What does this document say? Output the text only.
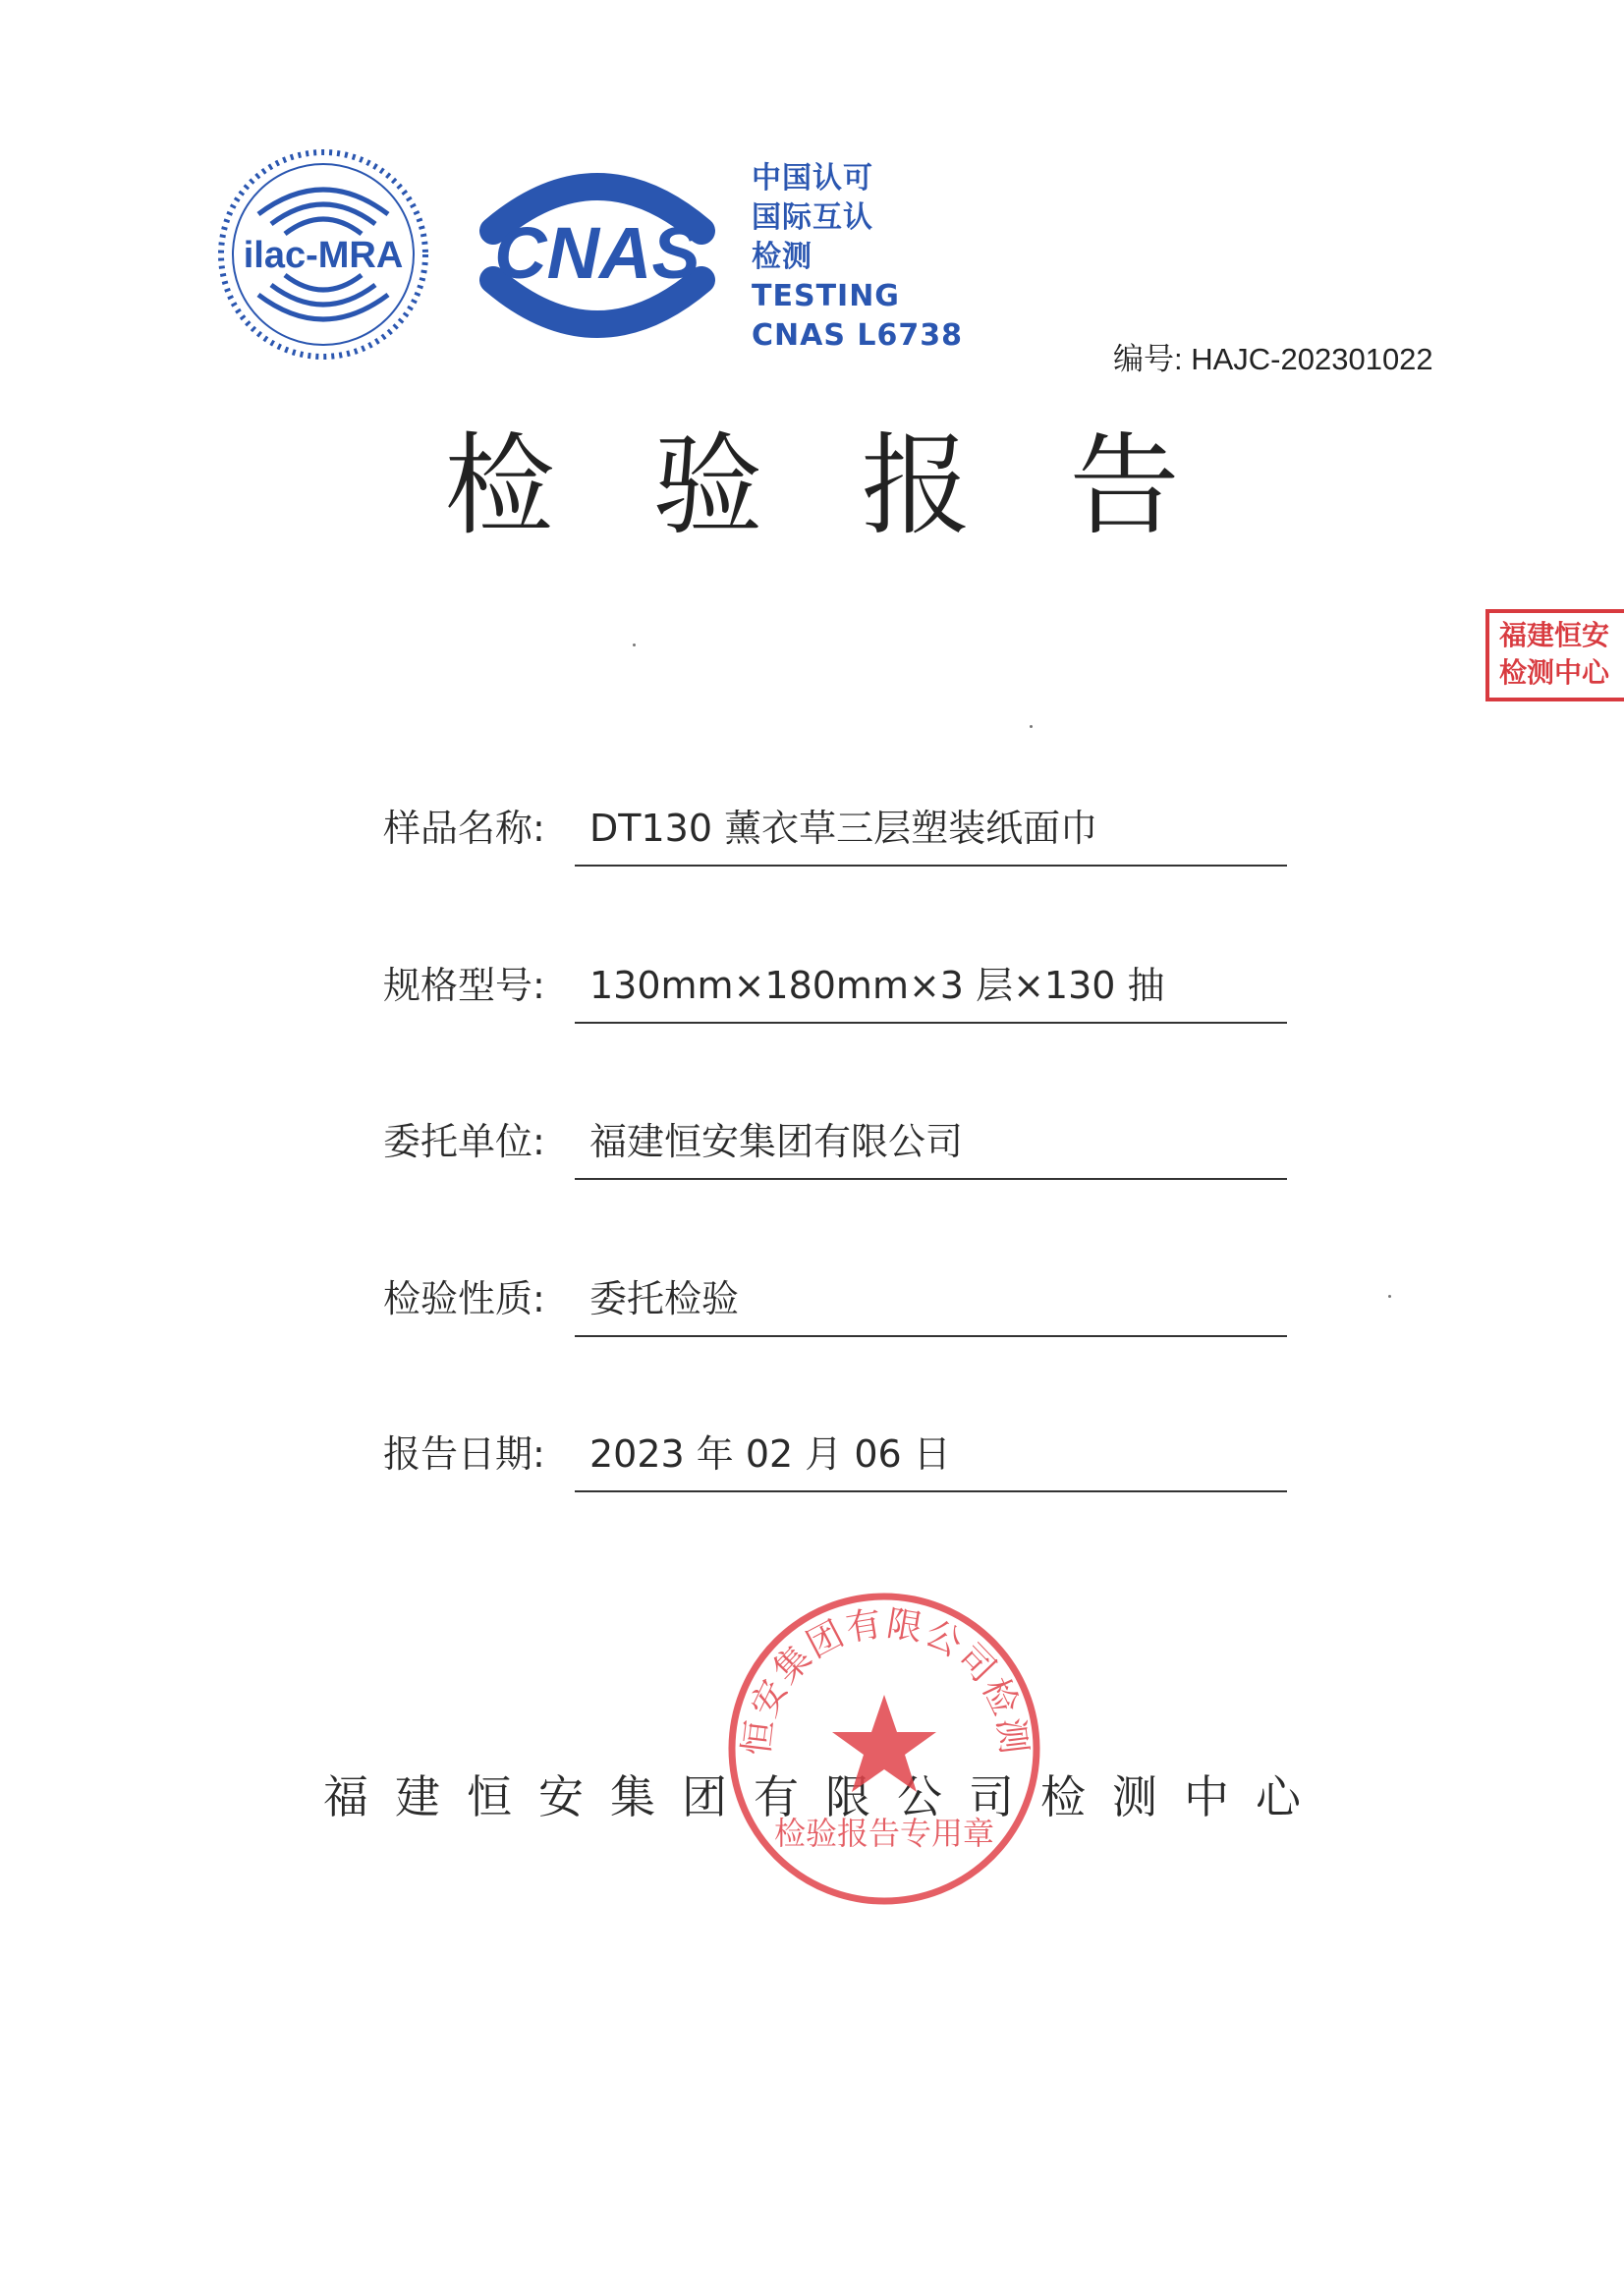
ilac-MRA CNAS
中国认可
国际互认
检测
TESTING
CNAS L6738
编号: HAJC-202301022
检验报告
福建恒安
检测中心
样品名称: DT130 薰衣草三层塑装纸面巾
规格型号: 130mm×180mm×3 层×130 抽
委托单位: 福建恒安集团有限公司
检验性质: 委托检验
报告日期: 2023 年 02 月 06 日
福建恒安集团有限公司检测中心
恒安集团有限公司检测
检验报告专用章
